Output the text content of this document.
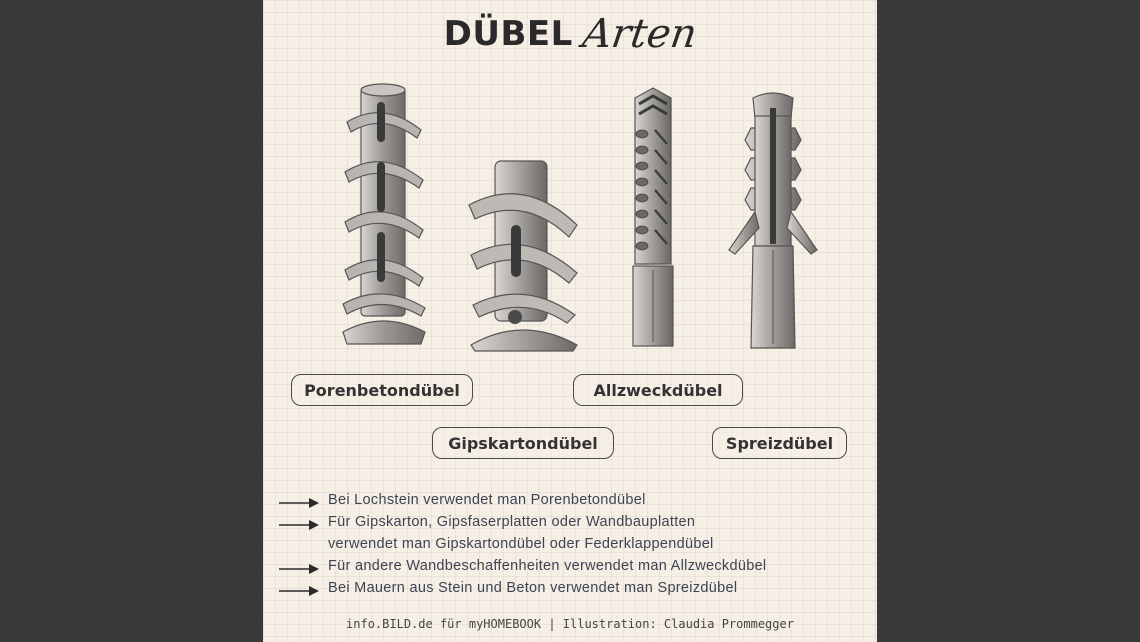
DÜBEL Arten
Porenbetondübel	Allzweckdübel
Gipskartondübel	Spreizdübel
Bei Lochstein verwendet man Porenbetondübel
Für Gipskarton, Gipsfaserplatten oder Wandbauplatten
verwendet man Gipskartondübel oder Federklappendübel
Für andere Wandbeschaffenheiten verwendet man Allzweckdübel
Bei Mauern aus Stein und Beton verwendet man Spreizdübel
info.BILD.de für myHOMEBOOK | Illustration: Claudia Prommegger
